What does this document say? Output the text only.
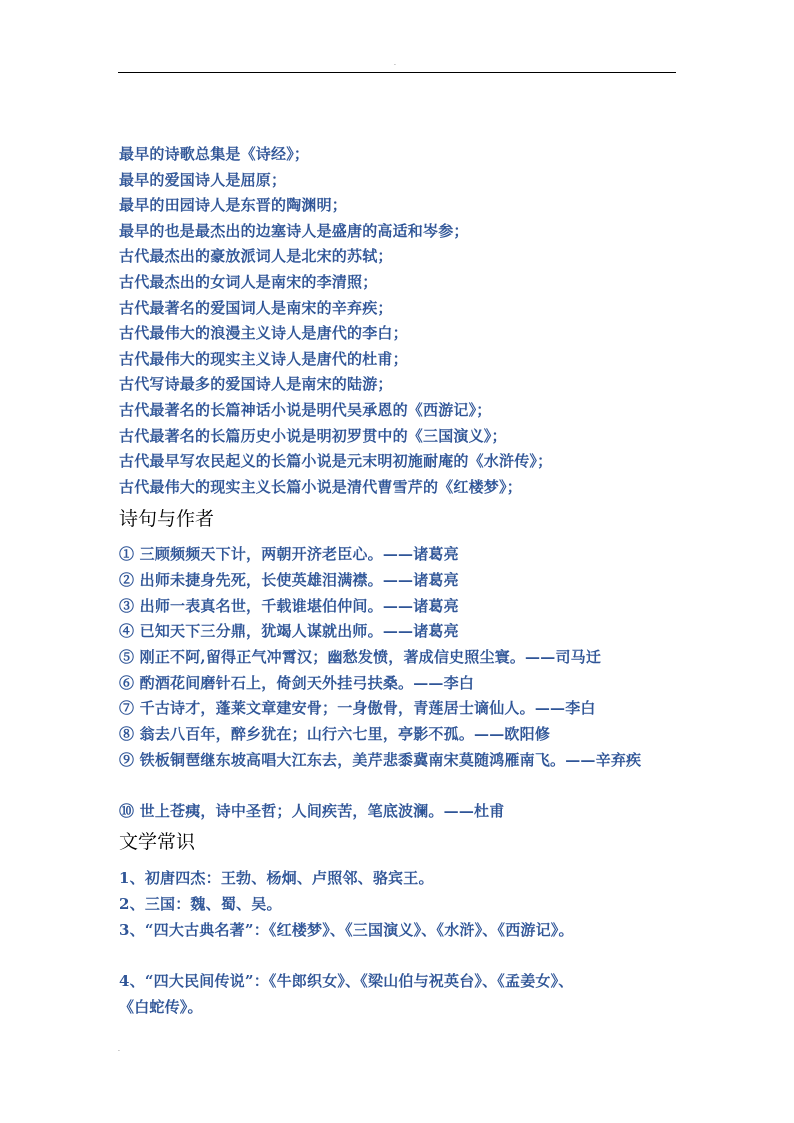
.
最早的诗歌总集是《诗经》；
最早的爱国诗人是屈原；
最早的田园诗人是东晋的陶渊明；
最早的也是最杰出的边塞诗人是盛唐的高适和岑参；
古代最杰出的豪放派词人是北宋的苏轼；
古代最杰出的女词人是南宋的李清照；
古代最著名的爱国词人是南宋的辛弃疾；
古代最伟大的浪漫主义诗人是唐代的李白；
古代最伟大的现实主义诗人是唐代的杜甫；
古代写诗最多的爱国诗人是南宋的陆游；
古代最著名的长篇神话小说是明代吴承恩的《西游记》；
古代最著名的长篇历史小说是明初罗贯中的《三国演义》；
古代最早写农民起义的长篇小说是元末明初施耐庵的《水浒传》；
古代最伟大的现实主义长篇小说是清代曹雪芹的《红楼梦》；
诗句与作者
① 三顾频频天下计，两朝开济老臣心。——诸葛亮
② 出师未捷身先死，长使英雄泪满襟。——诸葛亮
③ 出师一表真名世，千载谁堪伯仲间。——诸葛亮
④ 已知天下三分鼎，犹竭人谋就出师。——诸葛亮
⑤ 刚正不阿,留得正气冲霄汉；幽愁发愤，著成信史照尘寰。——司马迁
⑥ 酌酒花间磨针石上，倚剑天外挂弓扶桑。——李白
⑦ 千古诗才，蓬莱文章建安骨；一身傲骨，青莲居士谪仙人。——李白
⑧ 翁去八百年，醉乡犹在；山行六七里，亭影不孤。——欧阳修
⑨ 铁板铜琶继东坡高唱大江东去，美芹悲黍冀南宋莫随鸿雁南飞。——辛弃疾
⑩ 世上苍痍，诗中圣哲；人间疾苦，笔底波澜。——杜甫
文学常识
1、初唐四杰：王勃、杨炯、卢照邻、骆宾王。
2、三国：魏、蜀、吴。
3、“四大古典名著”：《红楼梦》、《三国演义》、《水浒》、《西游记》。
4、“四大民间传说”：《牛郎织女》、《梁山伯与祝英台》、《孟姜女》、
《白蛇传》。
.
